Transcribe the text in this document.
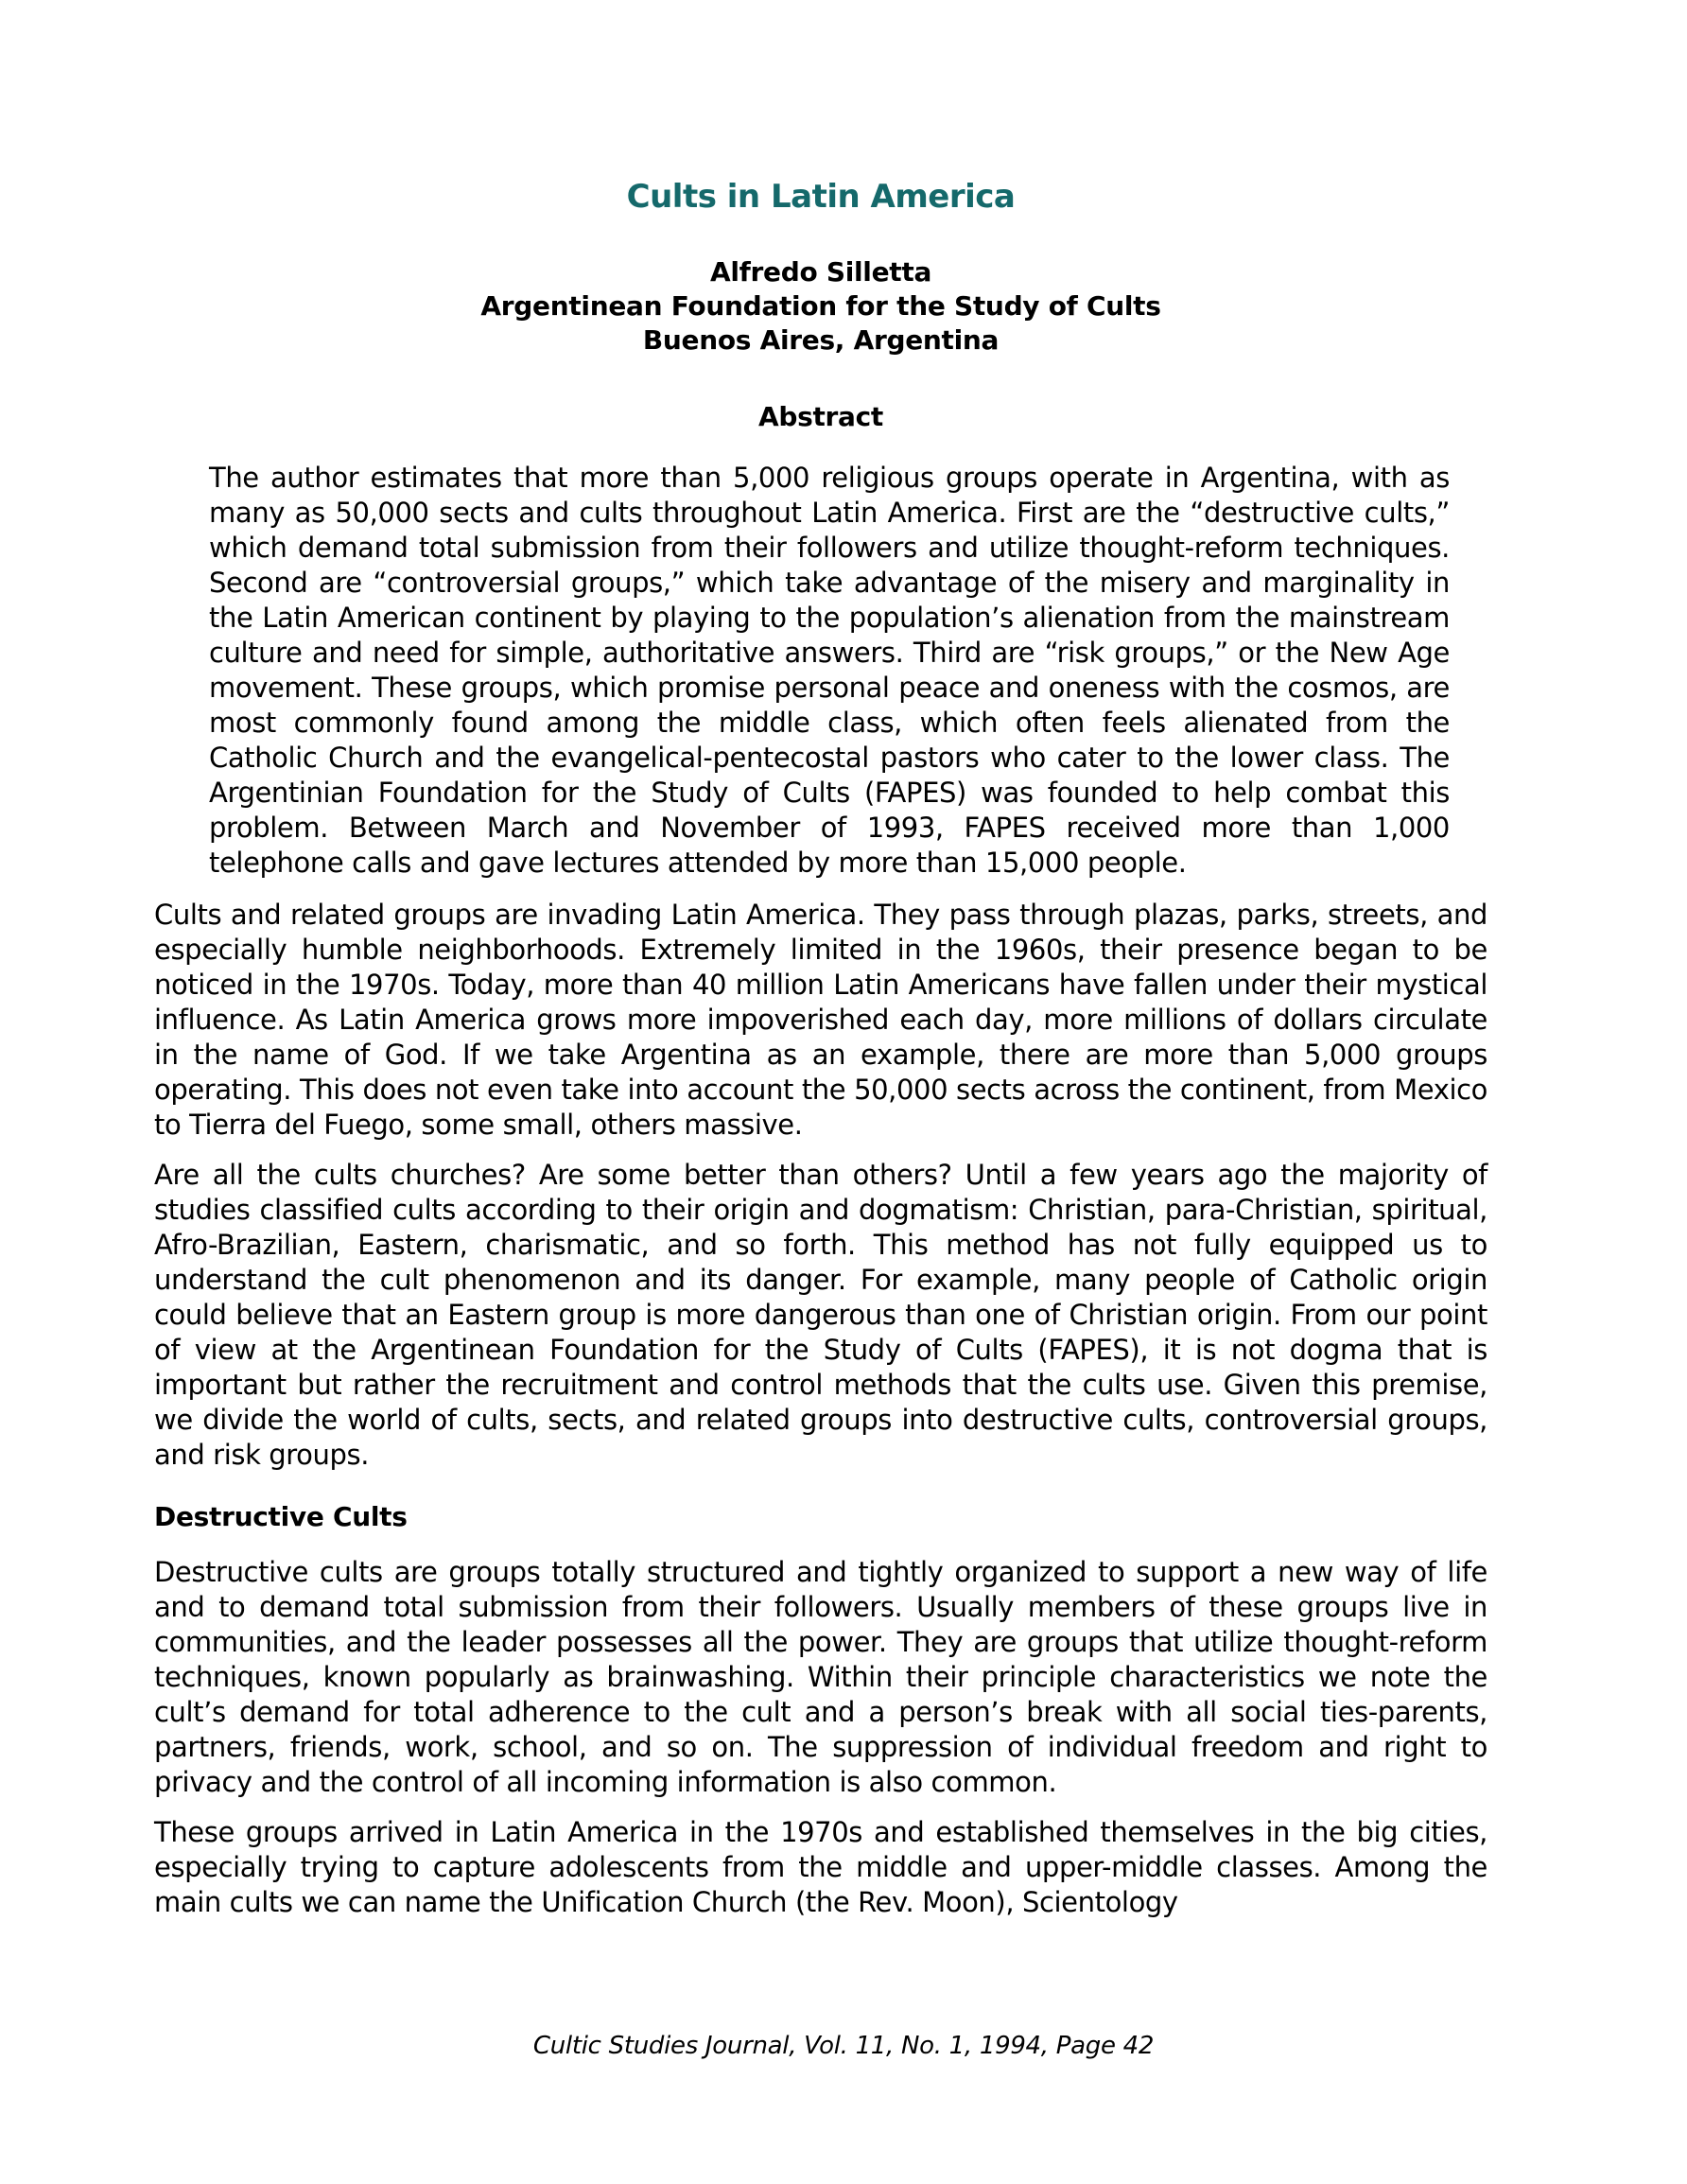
Cults in Latin America
Alfredo Silletta
Argentinean Foundation for the Study of Cults
Buenos Aires, Argentina
Abstract

The author estimates that more than 5,000 religious groups operate in Argentina, with as many as 50,000 sects and cults throughout Latin America. First are the “destructive cults,” which demand total submission from their followers and utilize thought-reform techniques. Second are “controversial groups,” which take advantage of the misery and marginality in the Latin American continent by playing to the population’s alienation from the mainstream culture and need for simple, authoritative answers. Third are “risk groups,” or the New Age movement. These groups, which promise personal peace and oneness with the cosmos, are most commonly found among the middle class, which often feels alienated from the Catholic Church and the evangelical-pentecostal pastors who cater to the lower class. The Argentinian Foundation for the Study of Cults (FAPES) was founded to help combat this problem. Between March and November of 1993, FAPES received more than 1,000 telephone calls and gave lectures attended by more than 15,000 people.

Cults and related groups are invading Latin America. They pass through plazas, parks, streets, and especially humble neighborhoods. Extremely limited in the 1960s, their presence began to be noticed in the 1970s. Today, more than 40 million Latin Americans have fallen under their mystical influence. As Latin America grows more impoverished each day, more millions of dollars circulate in the name of God. If we take Argentina as an example, there are more than 5,000 groups operating. This does not even take into account the 50,000 sects across the continent, from Mexico to Tierra del Fuego, some small, others massive.

Are all the cults churches? Are some better than others? Until a few years ago the majority of studies classified cults according to their origin and dogmatism: Christian, para-Christian, spiritual, Afro-Brazilian, Eastern, charismatic, and so forth. This method has not fully equipped us to understand the cult phenomenon and its danger. For example, many people of Catholic origin could believe that an Eastern group is more dangerous than one of Christian origin. From our point of view at the Argentinean Foundation for the Study of Cults (FAPES), it is not dogma that is important but rather the recruitment and control methods that the cults use. Given this premise, we divide the world of cults, sects, and related groups into destructive cults, controversial groups, and risk groups.

Destructive Cults

Destructive cults are groups totally structured and tightly organized to support a new way of life and to demand total submission from their followers. Usually members of these groups live in communities, and the leader possesses all the power. They are groups that utilize thought-reform techniques, known popularly as brainwashing. Within their principle characteristics we note the cult’s demand for total adherence to the cult and a person’s break with all social ties-parents, partners, friends, work, school, and so on. The suppression of individual freedom and right to privacy and the control of all incoming information is also common.

These groups arrived in Latin America in the 1970s and established themselves in the big cities, especially trying to capture adolescents from the middle and upper-middle classes. Among the main cults we can name the Unification Church (the Rev. Moon), Scientology

Cultic Studies Journal, Vol. 11, No. 1, 1994, Page 42
